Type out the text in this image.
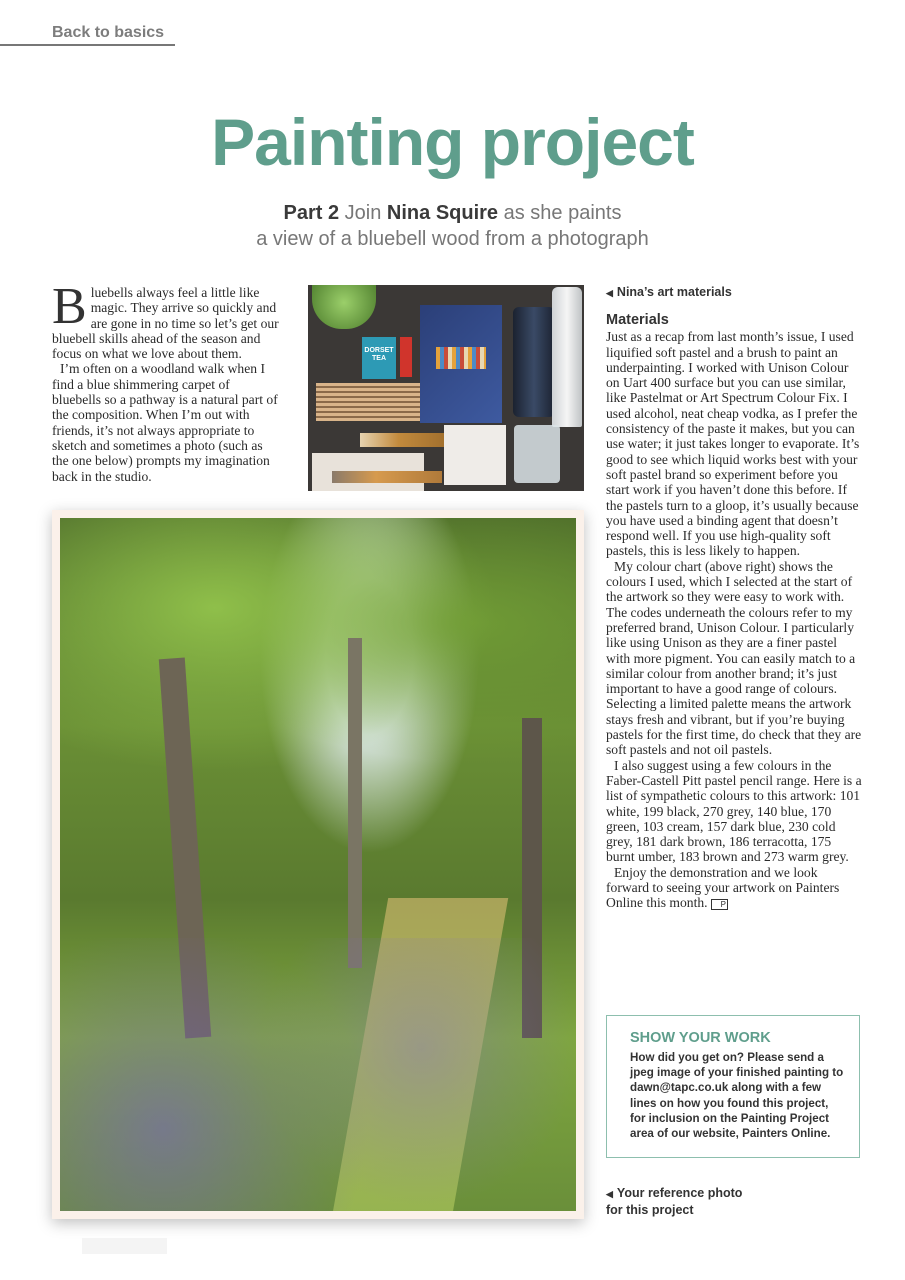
Back to basics
Painting project
Part 2 Join Nina Squire as she paints
a view of a bluebell wood from a photograph

Bluebells always feel a little like magic. They arrive so quickly and are gone in no time so let’s get our bluebell skills ahead of the season and focus on what we love about them.

I’m often on a woodland walk when I find a blue shimmering carpet of bluebells so a pathway is a natural part of the composition. When I’m out with friends, it’s not always appropriate to sketch and sometimes a photo (such as the one below) prompts my imagination back in the studio.

DORSET TEA
◀ Nina’s art materials
Materials

Just as a recap from last month’s issue, I used liquified soft pastel and a brush to paint an underpainting. I worked with Unison Colour on Uart 400 surface but you can use similar, like Pastelmat or Art Spectrum Colour Fix. I used alcohol, neat cheap vodka, as I prefer the consistency of the paste it makes, but you can use water; it just takes longer to evaporate. It’s good to see which liquid works best with your soft pastel brand so experiment before you start work if you haven’t done this before. If the pastels turn to a gloop, it’s usually because you have used a binding agent that doesn’t respond well. If you use high-quality soft pastels, this is less likely to happen.

My colour chart (above right) shows the colours I used, which I selected at the start of the artwork so they were easy to work with. The codes underneath the colours refer to my preferred brand, Unison Colour. I particularly like using Unison as they are a finer pastel with more pigment. You can easily match to a similar colour from another brand; it’s just important to have a good range of colours. Selecting a limited palette means the artwork stays fresh and vibrant, but if you’re buying pastels for the first time, do check that they are soft pastels and not oil pastels.

I also suggest using a few colours in the Faber-Castell Pitt pastel pencil range. Here is a list of sympathetic colours to this artwork: 101 white, 199 black, 270 grey, 140 blue, 170 green, 103 cream, 157 dark blue, 230 cold grey, 181 dark brown, 186 terracotta, 175 burnt umber, 183 brown and 273 warm grey.

Enjoy the demonstration and we look forward to seeing your artwork on Painters Online this month. P

SHOW YOUR WORK
How did you get on? Please send a jpeg image of your finished painting to dawn@tapc.co.uk along with a few lines on how you found this project, for inclusion on the Painting Project area of our website, Painters Online.
◀ Your reference photo
for this project
